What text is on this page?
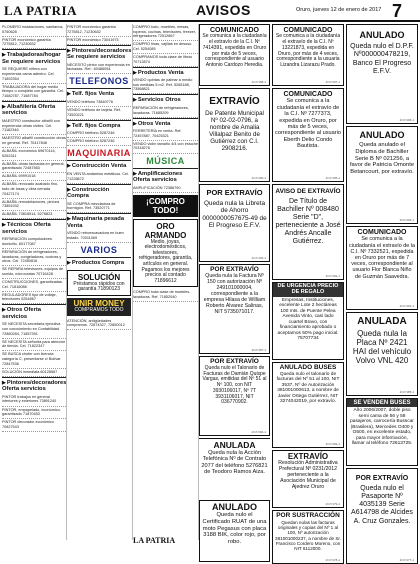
LA PATRIA	AVISOS	Oruro, jueves 12 de enero de 2017 7
PLOMERO instalaciones, sanitarios, 5760628
PINTOR económico garantía 7275812, 71230632
▶Trabajadoras/hogar Se requiere servicios
SE REQUIERE niñera con experiencia cama adentro. Cel. 71892354
TRABAJADORA del hogar medio tiempo o completo con garantía. Cel. 71682787, 71687784
▶Albañilería Oferta servicios
MAESTRO constructor albañil con experiencia obras civiles. Cel. 71162346
MAESTRO albañil construcción obras en general. Ref. 70417848
ALBAÑIL económico 69670114, 5262311
ALBAÑIL obras fachadas en general, garantizado 72487563
ALBAÑIL 69991018
ALBAÑIL revocado acabado fino, todo de losas y obra cerrada 70427174
ALBAÑIL remodelaciones, pintura 73851932
ALBAÑIL 73816514, 5276823
▶Técnicos Oferta servicios
REPARACIÓN computadores domicilio. 60177087
REPARACIÓN de refrigeradores, lavadoras, congeladoras, cocinas y otros. Cel. 72450816
SE REPARA televisores, equipos de sonido, microondas 70716428
CONSTRUCCIONES, garantizadas. Cel. 71816086
REGULADORES tipo de voltaje, televisores 5254867
▶Otros Oferta servicios
SE NECESITA secretaria ejecutiva con conocimiento en Contabilidad 72860284, 71857391
SE NECESITA señorita para atención de tienda. Cel. 71822347
SE BUSCA chofer con licencia categoría C, presentarse c/ Bolívar 72847536
SOLUCIÓN inmediata 60128567
▶Pintores/decoradores Oferta servicios
PINTOR trabajos en general interiores y exteriores 73891240
PINTOR, empapelado, económico, garantizado 71870453
PINTOR decorador económico 70827543
PINTOR económico garantía 7275812, 71230632
PINTOR económico 73041975
▶Pintores/decoradores Se requiere servicios
NECESITO pintor con experiencia en fachadas. Ref.: 60486054
TELEFONOS
▶Telf. fijos Venta
VENDO teléfono 73840776
VENDO teléfono de tarjeta. Ref. 73520221
▶Telf. fijos Compra
COMPRO teléfono 5287246
COMPRO teléfono 5287246
MAQUINARIA
▶Construcción Venta
EN VENTA andamios metálicos. Cel. 71228672
▶Construcción Compra
SE COMPRA mezcladora de hormigón. Ref. 73520771
▶Maquinaria pesada Venta
VENDO retroexcavadora en buen estado. 70011069
VARIOS
▶Productos Compra
SOLUCIÓN
Préstamos rápidos con garantía 71890123
UNIR MONEY
COMPRAMOS TODO
ATENCIÓN, antigüedades compramos. 72874327, 72850012
COMPRO todo, muebles, mesas, roperos, cocinas, televisores, freezer, refrigeradores 72512867
COMPRO tinas, vajillas en desuso. Cel. 5254085
COMPRAMOS toda clase de libros 70712874
▶Productos Venta
VENDO quintas de palmar a medio sus medidas 5 m2. Ref. 5265188, 73568821
▶Servicios Otros
REPARACIÓN de refrigeradores, lavadoras. 71685209
▶Otros Venta
FERRETERÍA en venta. Ref. 72457887, 70425321
VENDO violín tamaño 4/4 con estuche 70318276
MÚSICA
▶Amplificaciones Oferta servicios
AMPLIFICACIÓN 72386790
¡COMPRO TODO!
ORO ARMANDO
Medio, joyas, electrodomésticos, televisores, refrigeradores, garantía, artículos en general. Pagamos los mejores precios al contado 71896612
COMPRO toda clase de muebles, lavadoras. Ref. 71852040
COMUNICADO
Se comunica a la ciudadanía el extravío de la C.I. Nº 7414391, expedida en Oruro por más de 5 veces, correspondiente al usuario Antonio Cardozo Heredia.
2/17/198-1
COMUNICADO
Se comunica a la ciudadanía el extravío de la C.I. Nº 13221873, expedida en Oruro, por más de 4 veces, correspondiente a la usuaria Lizandra Lizarazu Prado.
2/17/197-1
ANULADO
Queda nulo el D.P.F. Nº000000478219, Banco El Progreso E.F.V.
2/17/196-1
EXTRAVÍO
De Patente Municipal Nº 02-02-0796, a nombre de Amalia Villalpaz Benito de Gutiérrez con C.I. 2908216.
2/17/190-1
COMUNICADO
Se comunica a la ciudadanía el extravío de la C.I. Nº 7277373, expedida en Oruro, por más de 5 veces, correspondiente al usuario Eberth Delio Condo Bautista.
2/17/195-1
ANULADO
Queda anulado el Diploma de Bachiller Serie B Nº 021256, a favor de Patricia Omonte Betancourt, por extravío.
2/17/194-1
POR EXTRAVÍO
Queda nula la Libreta de Ahorro 0000000057675-49 de El Progreso E.F.V.
2/17/193-1
AVISO DE EXTRAVÍO
De Título de Bachiller Nº 008480 Serie "D", perteneciente a José Andrés Ancalle Gutiérrez.
2/17/192-1
COMUNICADO
Se comunica a la ciudadanía el extravío de la C.I. Nº 7332521, expedida en Oruro por más de 7 veces, correspondiente al usuario Flor Blanca Niño de Guzmán Saavedra.
2/17/191-1
POR EXTRAVÍO
Queda nula la Factura Nº 150 con autorización Nº 249101000004, correspondiente a la empresa Hilasa de William Roberto Álvarez Salinas, NIT 5735071017.
2/17/187-1
DE URGENCIA PRECIO DE REGALO
Empresas, Instituciones, excelente Lote 2 hectáreas 100 mts. de Puente Pelea Avenida Vinto, casi lado cuartel Bravo, con financiamiento aprobado o aceptamos 50% pago inicial. 75707734
ANULADA
Queda nula la Placa Nº 2421 HAI del vehículo Volvo VNL 420
2/17/185-1
POR EXTRAVÍO
Queda nulo el Talonario de Facturas de Damián Quispe Vargas, emitidas del Nº 51 al Nº 100, con NIT 3930106017, Nº 7T 3931106017, NIT 036770902.
2/17/184-1
ANULADO BUSES
Queda nulo el talonario de facturas del Nº 51 al 100, NIT 3537, Nº de Autorización 381001000613, a nombre de Javier Ortega Gutiérrez, NIT 3274042019, por extravío.
2/17/183-1
SE VENDEN BUSES
Año 2006/2007, doble piso semi cama de 56 y 58 pasajeros, carrocería Busscar (Brasilera), Mercedes O400 y O500, en excelente estado, para mayor información, llamar al teléfono 72613725.
ANULADA
Queda nula la Acción Telefónica Nº de Contrato 2077 del teléfono 5276821 de Teodoro Ramos Aiza.
ANULADO
Queda nulo el Certificado RUAT de una moto Pegasus con placa 3188 BIK, color rojo, por robo.
EXTRAVÍO
Resolución Administrativa Prefectural Nº 0231/2012 perteneciente a la Asociación Municipal de Ajedrez Oruro
2/17/179-1
POR SUSTRACCIÓN
Quedan nulas las facturas originales y copias del Nº 1 al 100, Nº autorización 381001000237, a nombre de Sr. Francisco Cordero Moreno, con NIT 6112000.
2/17/178-1
POR EXTRAVÍO
Queda nulo el Pasaporte Nº 4035139 Serie A614798 de Alcides A. Cruz Gonzales.
2/17/177-1
LA PATRIA
